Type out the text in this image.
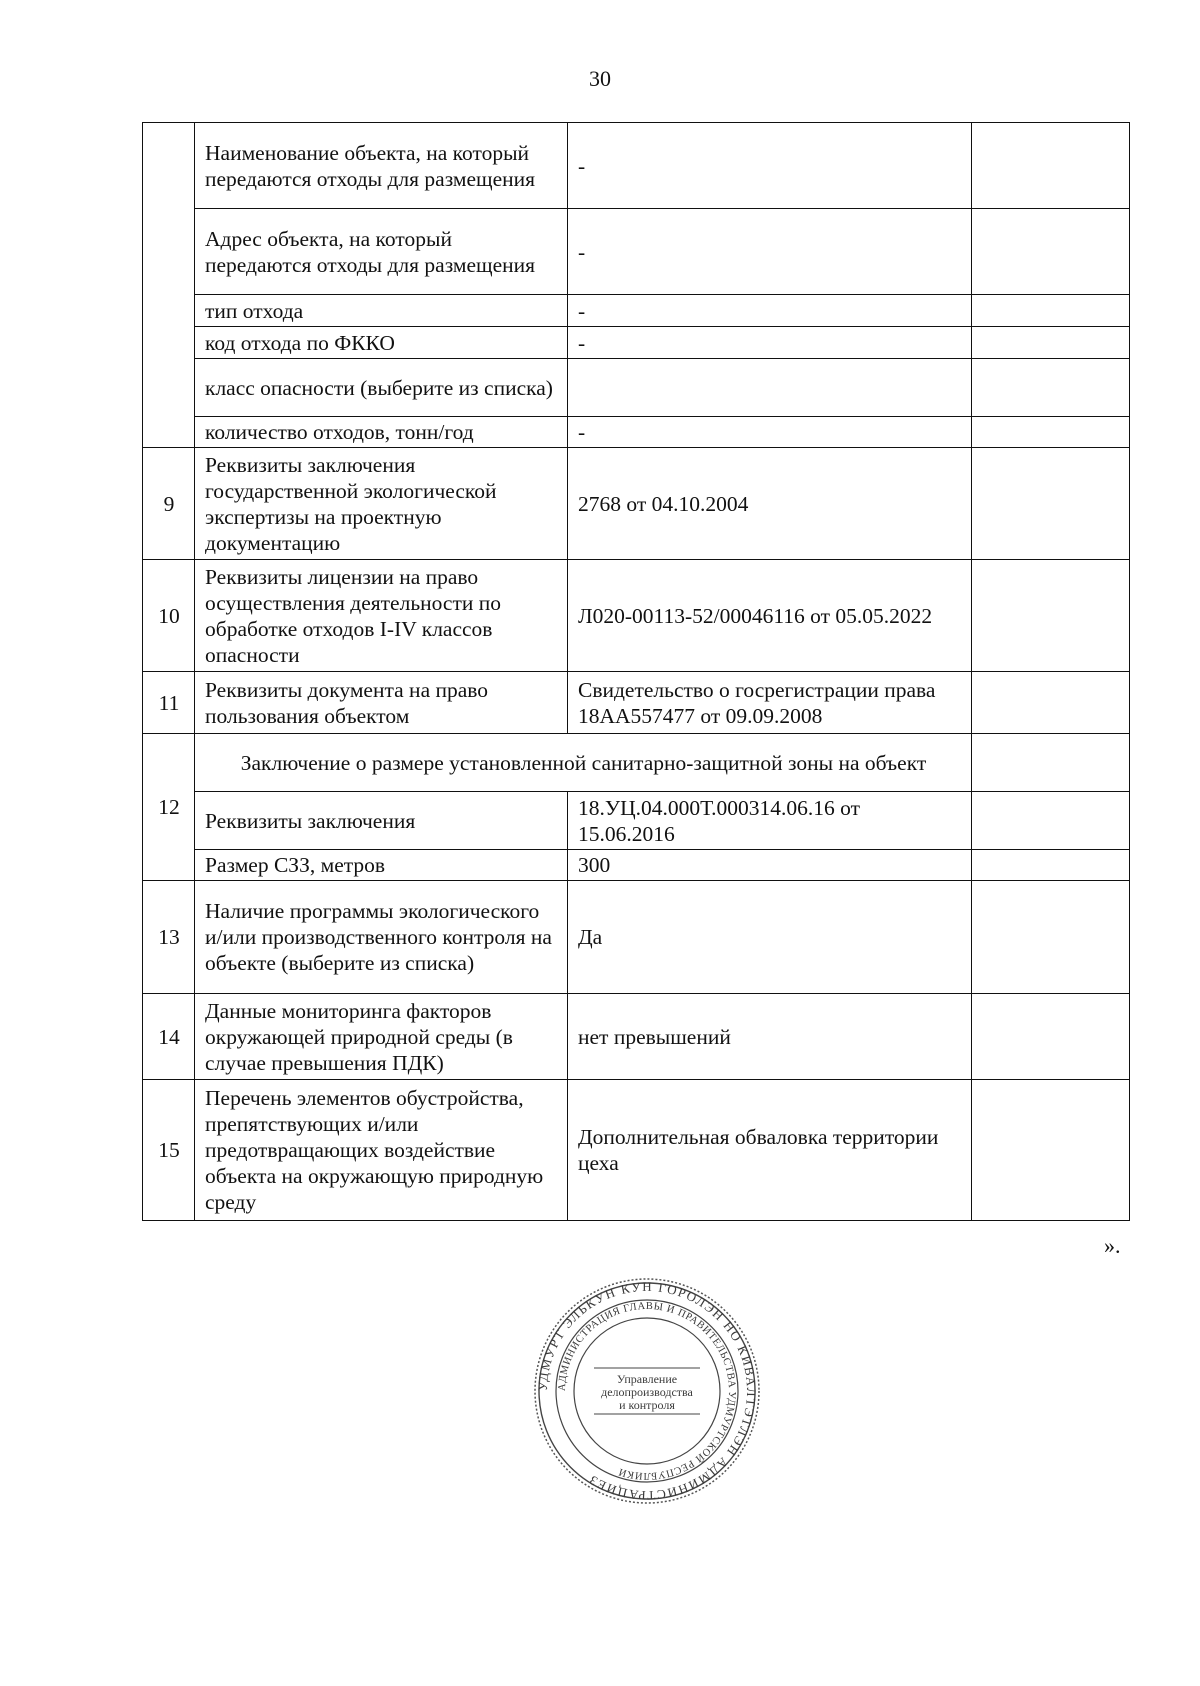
30
	Наименование объекта, на который передаются отходы для размещения	-	
	Адрес объекта, на который передаются отходы для размещения	-	
	тип отхода	-	
	код отхода по ФККО	-	
	класс опасности (выберите из списка)		
	количество отходов, тонн/год	-	
9	Реквизиты заключения государственной экологической экспертизы на проектную документацию	2768 от 04.10.2004	
10	Реквизиты лицензии на право осуществления деятельности по обработке отходов I-IV классов опасности	Л020-00113-52/00046116 от 05.05.2022	
11	Реквизиты документа на право пользования объектом	Свидетельство о госрегистрации права 18АА557477 от 09.09.2008	
12	Заключение о размере установленной санитарно-защитной зоны на объект		
	Реквизиты заключения	18.УЦ.04.000Т.000314.06.16 от 15.06.2016	
	Размер СЗЗ, метров	300	
13	Наличие программы экологического и/или производственного контроля на объекте (выберите из списка)	Да	
14	Данные мониторинга факторов окружающей природной среды (в случае превышения ПДК)	нет превышений	
15	Перечень элементов обустройства, препятствующих и/или предотвращающих воздействие объекта на окружающую природную среду	Дополнительная обваловка территории цеха	
».
УДМУРТ ЭЛЬКУН КУН ГОРОЛЭН НО КИВАЛТЭТЛЭН АДМИНИСТРАЦИЕЗ
АДМИНИСТРАЦИЯ ГЛАВЫ И ПРАВИТЕЛЬСТВА УДМУРТСКОЙ РЕСПУБЛИКИ
Управление
делопроизводства
и контроля
